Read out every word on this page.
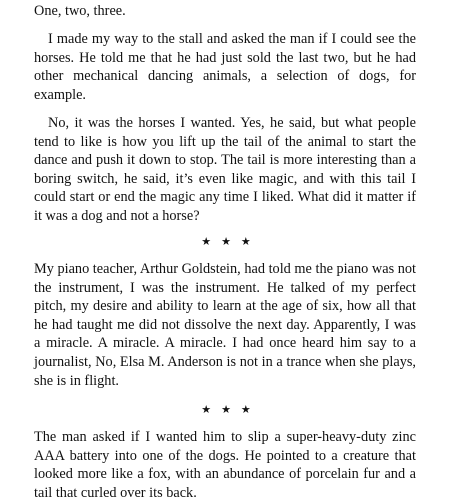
One, two, three.

I made my way to the stall and asked the man if I could see the horses. He told me that he had just sold the last two, but he had other mechanical dancing animals, a selection of dogs, for example.

No, it was the horses I wanted. Yes, he said, but what people tend to like is how you lift up the tail of the animal to start the dance and push it down to stop. The tail is more interesting than a boring switch, he said, it’s even like magic, and with this tail I could start or end the magic any time I liked. What did it matter if it was a dog and not a horse?

★★★

My piano teacher, Arthur Goldstein, had told me the piano was not the instrument, I was the instrument. He talked of my perfect pitch, my desire and ability to learn at the age of six, how all that he had taught me did not dissolve the next day. Apparently, I was a miracle. A miracle. A miracle. I had once heard him say to a journalist, No, Elsa M. Anderson is not in a trance when she plays, she is in flight.

★★★

The man asked if I wanted him to slip a super-heavy-duty zinc AAA battery into one of the dogs. He pointed to a creature that looked more like a fox, with an abundance of porcelain fur and a tail that curled over its back.
